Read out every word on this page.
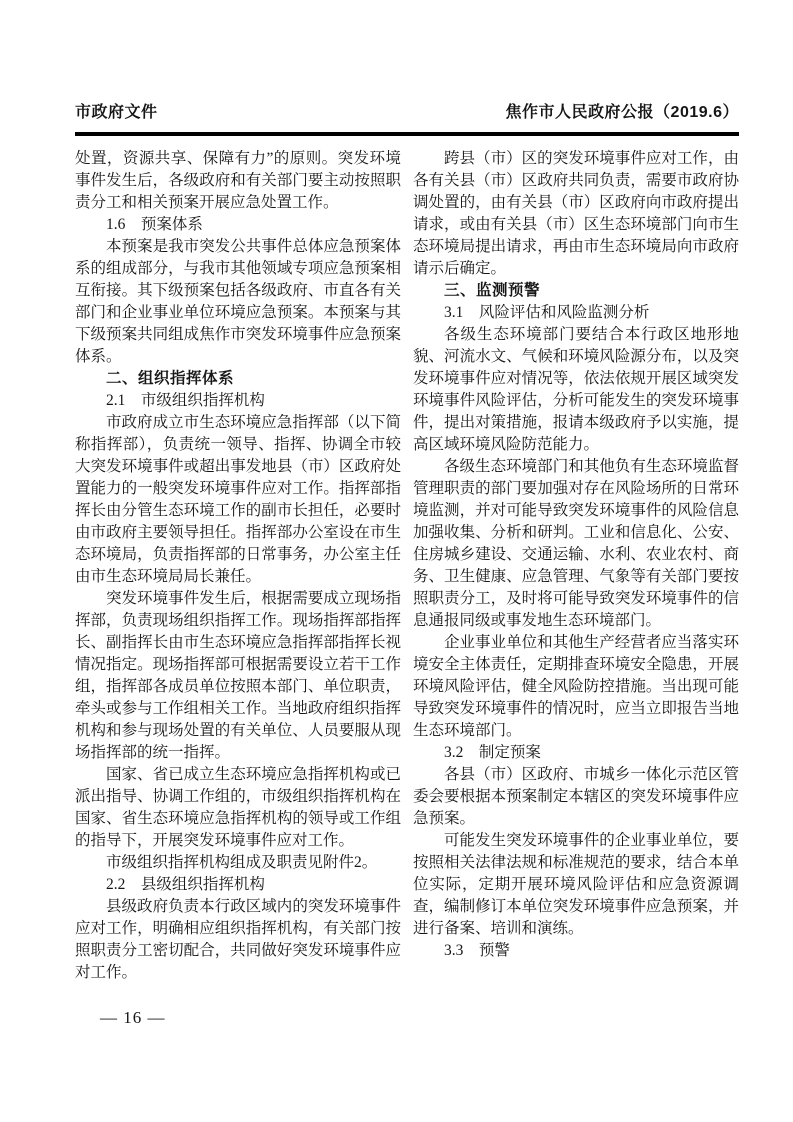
市政府文件	焦作市人民政府公报（2019.6）
处置，资源共享、保障有力”的原则。突发环境事件发生后，各级政府和有关部门要主动按照职责分工和相关预案开展应急处置工作。
1.6　预案体系
本预案是我市突发公共事件总体应急预案体系的组成部分，与我市其他领域专项应急预案相互衔接。其下级预案包括各级政府、市直各有关部门和企业事业单位环境应急预案。本预案与其下级预案共同组成焦作市突发环境事件应急预案体系。
二、组织指挥体系
2.1　市级组织指挥机构
市政府成立市生态环境应急指挥部（以下简称指挥部），负责统一领导、指挥、协调全市较大突发环境事件或超出事发地县（市）区政府处置能力的一般突发环境事件应对工作。指挥部指挥长由分管生态环境工作的副市长担任，必要时由市政府主要领导担任。指挥部办公室设在市生态环境局，负责指挥部的日常事务，办公室主任由市生态环境局局长兼任。
突发环境事件发生后，根据需要成立现场指挥部，负责现场组织指挥工作。现场指挥部指挥长、副指挥长由市生态环境应急指挥部指挥长视情况指定。现场指挥部可根据需要设立若干工作组，指挥部各成员单位按照本部门、单位职责，牵头或参与工作组相关工作。当地政府组织指挥机构和参与现场处置的有关单位、人员要服从现场指挥部的统一指挥。
国家、省已成立生态环境应急指挥机构或已派出指导、协调工作组的，市级组织指挥机构在国家、省生态环境应急指挥机构的领导或工作组的指导下，开展突发环境事件应对工作。
市级组织指挥机构组成及职责见附件2。
2.2　县级组织指挥机构
县级政府负责本行政区域内的突发环境事件应对工作，明确相应组织指挥机构，有关部门按照职责分工密切配合，共同做好突发环境事件应对工作。
跨县（市）区的突发环境事件应对工作，由各有关县（市）区政府共同负责，需要市政府协调处置的，由有关县（市）区政府向市政府提出请求，或由有关县（市）区生态环境部门向市生态环境局提出请求，再由市生态环境局向市政府请示后确定。
三、监测预警
3.1　风险评估和风险监测分析
各级生态环境部门要结合本行政区地形地貌、河流水文、气候和环境风险源分布，以及突发环境事件应对情况等，依法依规开展区域突发环境事件风险评估，分析可能发生的突发环境事件，提出对策措施，报请本级政府予以实施，提高区域环境风险防范能力。
各级生态环境部门和其他负有生态环境监督管理职责的部门要加强对存在风险场所的日常环境监测，并对可能导致突发环境事件的风险信息加强收集、分析和研判。工业和信息化、公安、住房城乡建设、交通运输、水利、农业农村、商务、卫生健康、应急管理、气象等有关部门要按照职责分工，及时将可能导致突发环境事件的信息通报同级或事发地生态环境部门。
企业事业单位和其他生产经营者应当落实环境安全主体责任，定期排查环境安全隐患，开展环境风险评估，健全风险防控措施。当出现可能导致突发环境事件的情况时，应当立即报告当地生态环境部门。
3.2　制定预案
各县（市）区政府、市城乡一体化示范区管委会要根据本预案制定本辖区的突发环境事件应急预案。
可能发生突发环境事件的企业事业单位，要按照相关法律法规和标准规范的要求，结合本单位实际，定期开展环境风险评估和应急资源调查，编制修订本单位突发环境事件应急预案，并进行备案、培训和演练。
3.3　预警
— 16 —
